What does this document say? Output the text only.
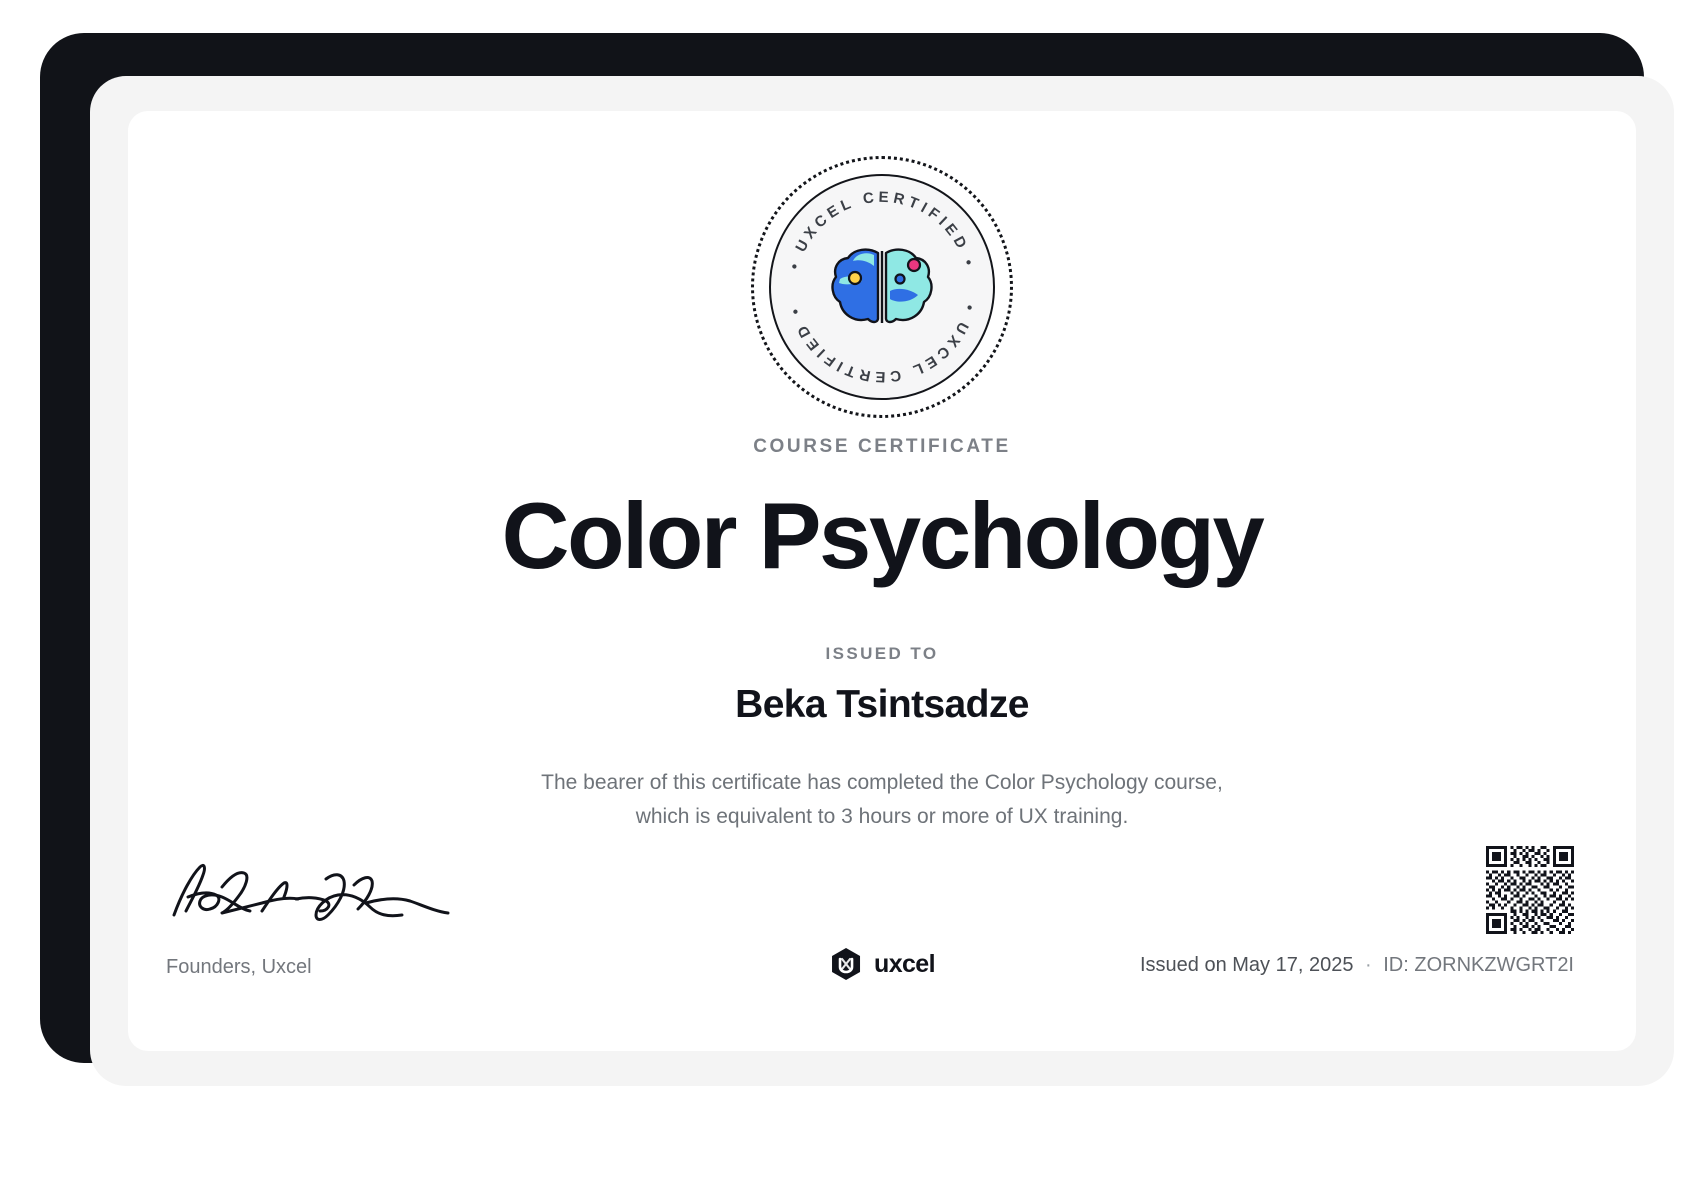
• UXCEL CERTIFIED •
• UXCEL CERTIFIED •
COURSE CERTIFICATE
Color Psychology
ISSUED TO
Beka Tsintsadze
The bearer of this certificate has completed the Color Psychology course,
which is equivalent to 3 hours or more of UX training.
Founders, Uxcel	uxcel	Issued on May 17, 2025 · ID: ZORNKZWGRT2I
